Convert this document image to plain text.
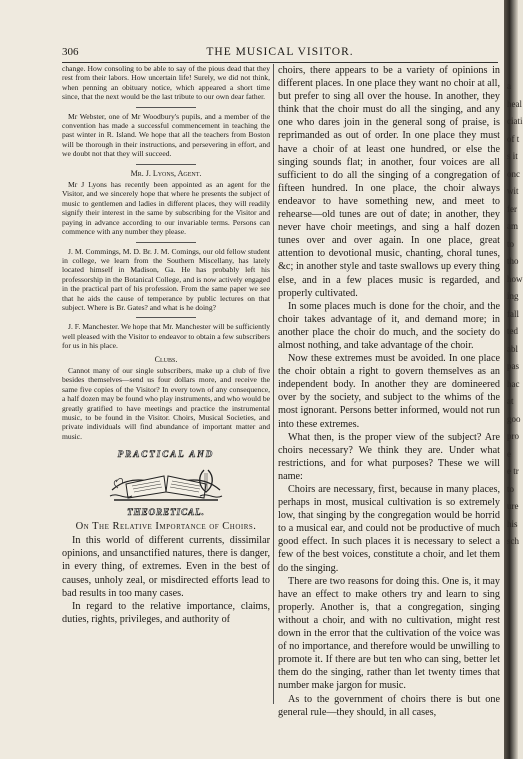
306	THE MUSICAL VISITOR.

change. How consoling to be able to say of the pious dead that they rest from their labors. How uncertain life! Surely, we did not think, when penning an obituary notice, which appeared a short time since, that the next would be the last tribute to our own dear father.

Mr Webster, one of Mr Woodbury's pupils, and a member of the convention has made a successful commencement in teaching the past winter in R. Island. We hope that all the teachers from Boston will be thorough in their instructions, and persevering in effort, and we doubt not that they will succeed.

Mr. J. Lyons, Agent.

Mr J Lyons has recently been appointed as an agent for the Visitor, and we sincerely hope that where he presents the subject of music to gentlemen and ladies in different places, they will readily signify their interest in the same by subscribing for the Visitor and paying in advance according to our invariable terms. Persons can commence with any number they please.

J. M. Commings, M. D. Br. J. M. Comings, our old fellow student in college, we learn from the Southern Miscellany, has lately located himself in Madison, Ga. He has probably left his professorship in the Botanical College, and is now actively engaged in the practical part of his profession. From the same paper we see that he aids the cause of temperance by public lectures on that subject. Where is Br. Gates? and what is he doing?

J. F. Manchester. We hope that Mr. Manchester will be sufficiently well pleased with the Visitor to endeavor to obtain a few subscribers for us in his place.

Clubs.

Cannot many of our single subscribers, make up a club of five besides themselves—send us four dollars more, and receive the same five copies of the Visitor? In every town of any consequence, a half dozen may be found who play instruments, and who would be greatly gratified to have meetings and practice the instrumental music, to be found in the Visitor. Choirs, Musical Societies, and private individuals will find abundance of important matter and music.

PRACTICAL AND
THEORETICAL.
On The Relative Importance of Choirs.

In this world of different currents, dissimilar opinions, and unsanctified natures, there is danger, in every thing, of extremes. Even in the best of causes, unholy zeal, or misdirected efforts lead to bad results in too many cases.

In regard to the relative importance, claims, duties, rights, privileges, and authority of

choirs, there appears to be a variety of opinions in different places. In one place they want no choir at all, but prefer to sing all over the house. In another, they think that the choir must do all the singing, and any one who dares join in the general song of praise, is reprimanded as out of order. In one place they must have a choir of at least one hundred, or else the singing sounds flat; in another, four voices are all sufficient to do all the singing of a congregation of fifteen hundred. In one place, the choir always endeavor to have something new, and meet to rehearse—old tunes are out of date; in another, they never have choir meetings, and sing a half dozen tunes over and over again. In one place, great attention to devotional music, chanting, choral tunes, &c; in another style and taste swallows up every thing else, and in a few places music is regarded, and properly cultivated.

In some places much is done for the choir, and the choir takes advantage of it, and demand more; in another place the choir do much, and the society do almost nothing, and take advantage of the choir.

Now these extremes must be avoided. In one place the choir obtain a right to govern themselves as an independent body. In another they are domineered over by the society, and subject to the whims of the most ignorant. Persons better informed, would not run into these extremes.

What then, is the proper view of the subject? Are choirs necessary? We think they are. Under what restrictions, and for what purposes? These we will name:

Choirs are necessary, first, because in many places, perhaps in most, musical cultivation is so extremely low, that singing by the congregation would be horrid to a musical ear, and could not be productive of much good effect. In such places it is necessary to select a few of the best voices, constitute a choir, and let them do the singing.

There are two reasons for doing this. One is, it may have an effect to make others try and learn to sing properly. Another is, that a congregation, singing without a choir, and with no cultivation, might rest down in the error that the cultivation of the voice was of no importance, and therefore would be unwilling to promote it. If there are but ten who can sing, better let them do the singing, rather than let twenty times that number make jargon for music.

As to the government of choirs there is but one general rule—they should, in all cases,

a
heal
ciati
of t
s it
onc
wit
fer
am
to
tho
how
ing
fall
ted
abl
pas
hac
at
goo
pro
e
e tr
to
ure
his
sch
